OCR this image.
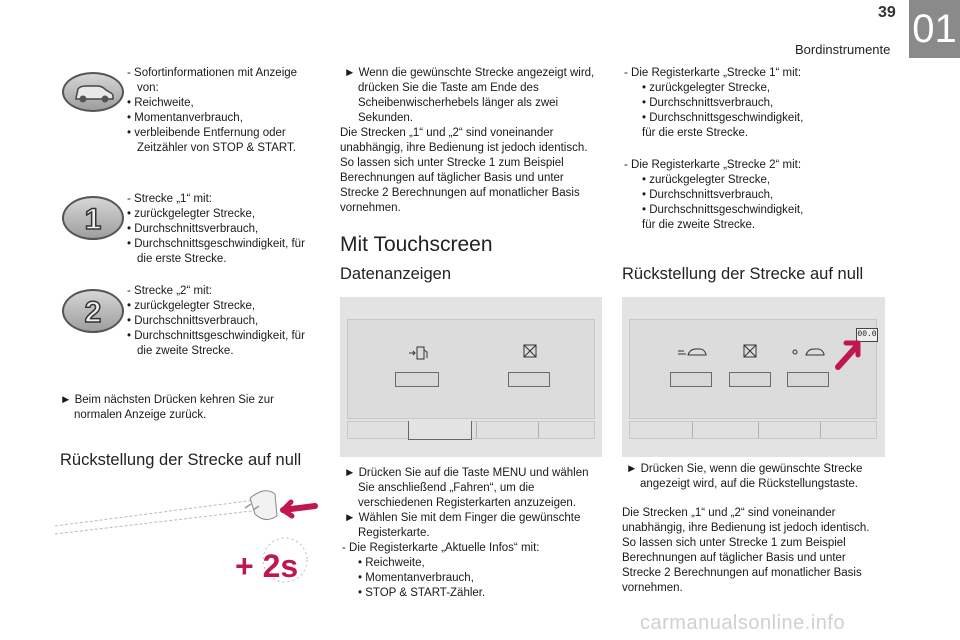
39
Bordinstrumente 01
1
2

- Sofortinformationen mit Anzeige von:

• Reichweite,

• Momentanverbrauch,

• verbleibende Entfernung oder Zeitzähler von STOP & START.

- Strecke „1“ mit:

• zurückgelegter Strecke,

• Durchschnittsverbrauch,

• Durchschnittsgeschwindigkeit, für die erste Strecke.

- Strecke „2“ mit:

• zurückgelegter Strecke,

• Durchschnittsverbrauch,

• Durchschnittsgeschwindigkeit, für die zweite Strecke.

► Beim nächsten Drücken kehren Sie zur normalen Anzeige zurück.
Rückstellung der Strecke auf null
+ 2s

► Wenn die gewünschte Strecke angezeigt wird, drücken Sie die Taste am Ende des Scheibenwischerhebels länger als zwei Sekunden.

Die Strecken „1“ und „2“ sind voneinander unabhängig, ihre Bedienung ist jedoch identisch.

So lassen sich unter Strecke 1 zum Beispiel Berechnungen auf täglicher Basis und unter Strecke 2 Berechnungen auf monatlicher Basis vornehmen.

Mit Touchscreen
Datenanzeigen

► Drücken Sie auf die Taste MENU und wählen Sie anschließend „Fahren“, um die verschiedenen Registerkarten anzuzeigen.

► Wählen Sie mit dem Finger die gewünschte Registerkarte.

- Die Registerkarte „Aktuelle Infos“ mit:

• Reichweite,

• Momentanverbrauch,

• STOP & START-Zähler.

- Die Registerkarte „Strecke 1“ mit:

• zurückgelegter Strecke,

• Durchschnittsverbrauch,

• Durchschnittsgeschwindigkeit,

für die erste Strecke.

- Die Registerkarte „Strecke 2“ mit:

• zurückgelegter Strecke,

• Durchschnittsverbrauch,

• Durchschnittsgeschwindigkeit,

für die zweite Strecke.

Rückstellung der Strecke auf null
00.0

► Drücken Sie, wenn die gewünschte Strecke angezeigt wird, auf die Rückstellungstaste.

Die Strecken „1“ und „2“ sind voneinander unabhängig, ihre Bedienung ist jedoch identisch.

So lassen sich unter Strecke 1 zum Beispiel Berechnungen auf täglicher Basis und unter Strecke 2 Berechnungen auf monatlicher Basis vornehmen.

carmanualsonline.info
